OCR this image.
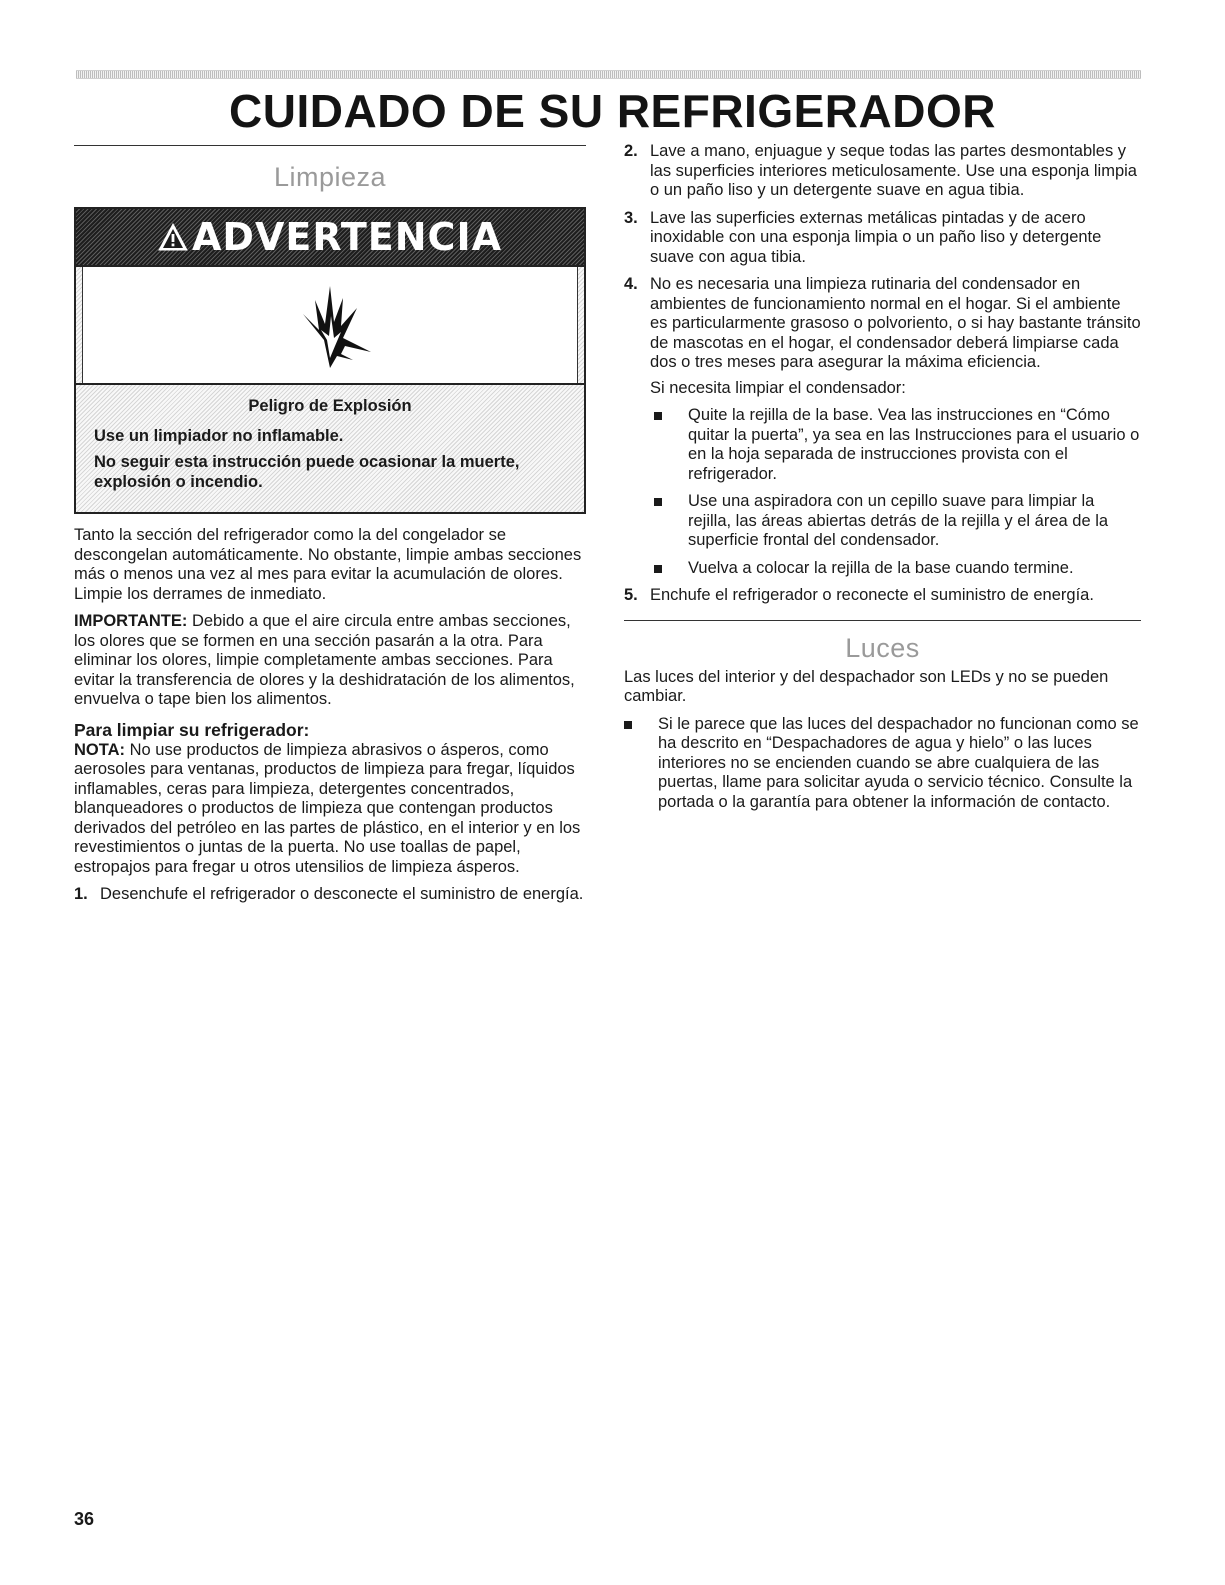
CUIDADO DE SU REFRIGERADOR
Limpieza
ADVERTENCIA
Peligro de Explosión
Use un limpiador no inflamable.
No seguir esta instrucción puede ocasionar la muerte, explosión o incendio.

Tanto la sección del refrigerador como la del congelador se descongelan automáticamente. No obstante, limpie ambas secciones más o menos una vez al mes para evitar la acumulación de olores. Limpie los derrames de inmediato.

IMPORTANTE: Debido a que el aire circula entre ambas secciones, los olores que se formen en una sección pasarán a la otra. Para eliminar los olores, limpie completamente ambas secciones. Para evitar la transferencia de olores y la deshidratación de los alimentos, envuelva o tape bien los alimentos.

Para limpiar su refrigerador:

NOTA: No use productos de limpieza abrasivos o ásperos, como aerosoles para ventanas, productos de limpieza para fregar, líquidos inflamables, ceras para limpieza, detergentes concentrados, blanqueadores o productos de limpieza que contengan productos derivados del petróleo en las partes de plástico, en el interior y en los revestimientos o juntas de la puerta. No use toallas de papel, estropajos para fregar u otros utensilios de limpieza ásperos.

1. Desenchufe el refrigerador o desconecte el suministro de energía.
2. Lave a mano, enjuague y seque todas las partes desmontables y las superficies interiores meticulosamente. Use una esponja limpia o un paño liso y un detergente suave en agua tibia.
3. Lave las superficies externas metálicas pintadas y de acero inoxidable con una esponja limpia o un paño liso y detergente suave con agua tibia.
4. No es necesaria una limpieza rutinaria del condensador en ambientes de funcionamiento normal en el hogar. Si el ambiente es particularmente grasoso o polvoriento, o si hay bastante tránsito de mascotas en el hogar, el condensador deberá limpiarse cada dos o tres meses para asegurar la máxima eficiencia.

Si necesita limpiar el condensador:

Quite la rejilla de la base. Vea las instrucciones en “Cómo quitar la puerta”, ya sea en las Instrucciones para el usuario o en la hoja separada de instrucciones provista con el refrigerador.
Use una aspiradora con un cepillo suave para limpiar la rejilla, las áreas abiertas detrás de la rejilla y el área de la superficie frontal del condensador.
Vuelva a colocar la rejilla de la base cuando termine.
5. Enchufe el refrigerador o reconecte el suministro de energía.
Luces

Las luces del interior y del despachador son LEDs y no se pueden cambiar.

Si le parece que las luces del despachador no funcionan como se ha descrito en “Despachadores de agua y hielo” o las luces interiores no se encienden cuando se abre cualquiera de las puertas, llame para solicitar ayuda o servicio técnico. Consulte la portada o la garantía para obtener la información de contacto.
36
